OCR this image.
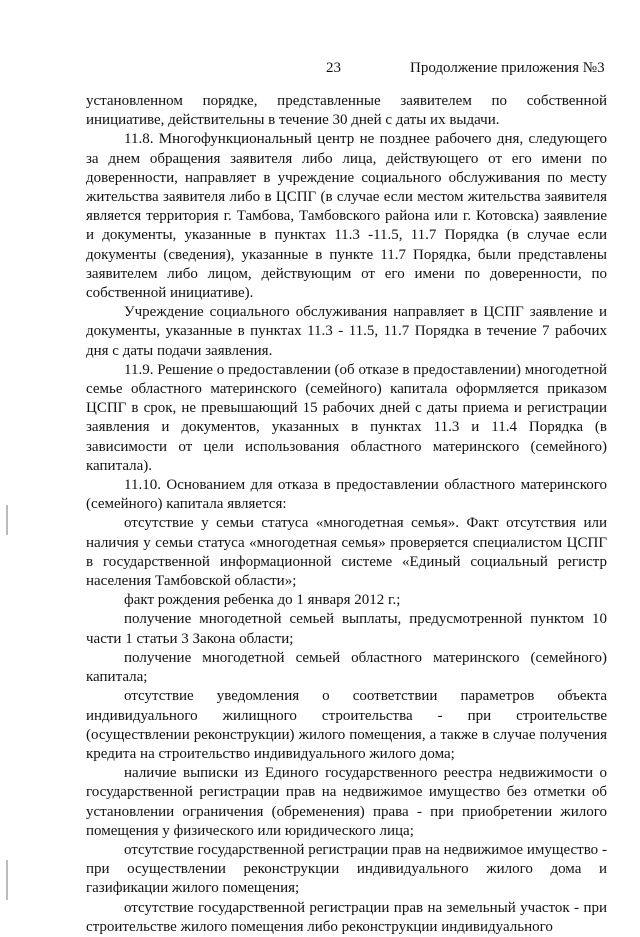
23	Продолжение приложения №3

установленном порядке, представленные заявителем по собственной инициативе, действительны в течение 30 дней с даты их выдачи.

11.8. Многофункциональный центр не позднее рабочего дня, следующего за днем обращения заявителя либо лица, действующего от его имени по доверенности, направляет в учреждение социального обслуживания по месту жительства заявителя либо в ЦСПГ (в случае если местом жительства заявителя является территория г. Тамбова, Тамбовского района или г. Котовска) заявление и документы, указанные в пунктах 11.3 -11.5, 11.7 Порядка (в случае если документы (сведения), указанные в пункте 11.7 Порядка, были представлены заявителем либо лицом, действующим от его имени по доверенности, по собственной инициативе).

Учреждение социального обслуживания направляет в ЦСПГ заявление и документы, указанные в пунктах 11.3 - 11.5, 11.7 Порядка в течение 7 рабочих дня с даты подачи заявления.

11.9. Решение о предоставлении (об отказе в предоставлении) многодетной семье областного материнского (семейного) капитала оформляется приказом ЦСПГ в срок, не превышающий 15 рабочих дней с даты приема и регистрации заявления и документов, указанных в пунктах 11.3 и 11.4 Порядка (в зависимости от цели использования областного материнского (семейного) капитала).

11.10. Основанием для отказа в предоставлении областного материнского (семейного) капитала является:

отсутствие у семьи статуса «многодетная семья». Факт отсутствия или наличия у семьи статуса «многодетная семья» проверяется специалистом ЦСПГ в государственной информационной системе «Единый социальный регистр населения Тамбовской области»;

факт рождения ребенка до 1 января 2012 г.;

получение многодетной семьей выплаты, предусмотренной пунктом 10 части 1 статьи 3 Закона области;

получение многодетной семьей областного материнского (семейного) капитала;

отсутствие уведомления о соответствии параметров объекта индивидуального жилищного строительства - при строительстве (осуществлении реконструкции) жилого помещения, а также в случае получения кредита на строительство индивидуального жилого дома;

наличие выписки из Единого государственного реестра недвижимости о государственной регистрации прав на недвижимое имущество без отметки об установлении ограничения (обременения) права - при приобретении жилого помещения у физического или юридического лица;

отсутствие государственной регистрации прав на недвижимое имущество - при осуществлении реконструкции индивидуального жилого дома и газификации жилого помещения;

отсутствие государственной регистрации прав на земельный участок - при строительстве жилого помещения либо реконструкции индивидуального
